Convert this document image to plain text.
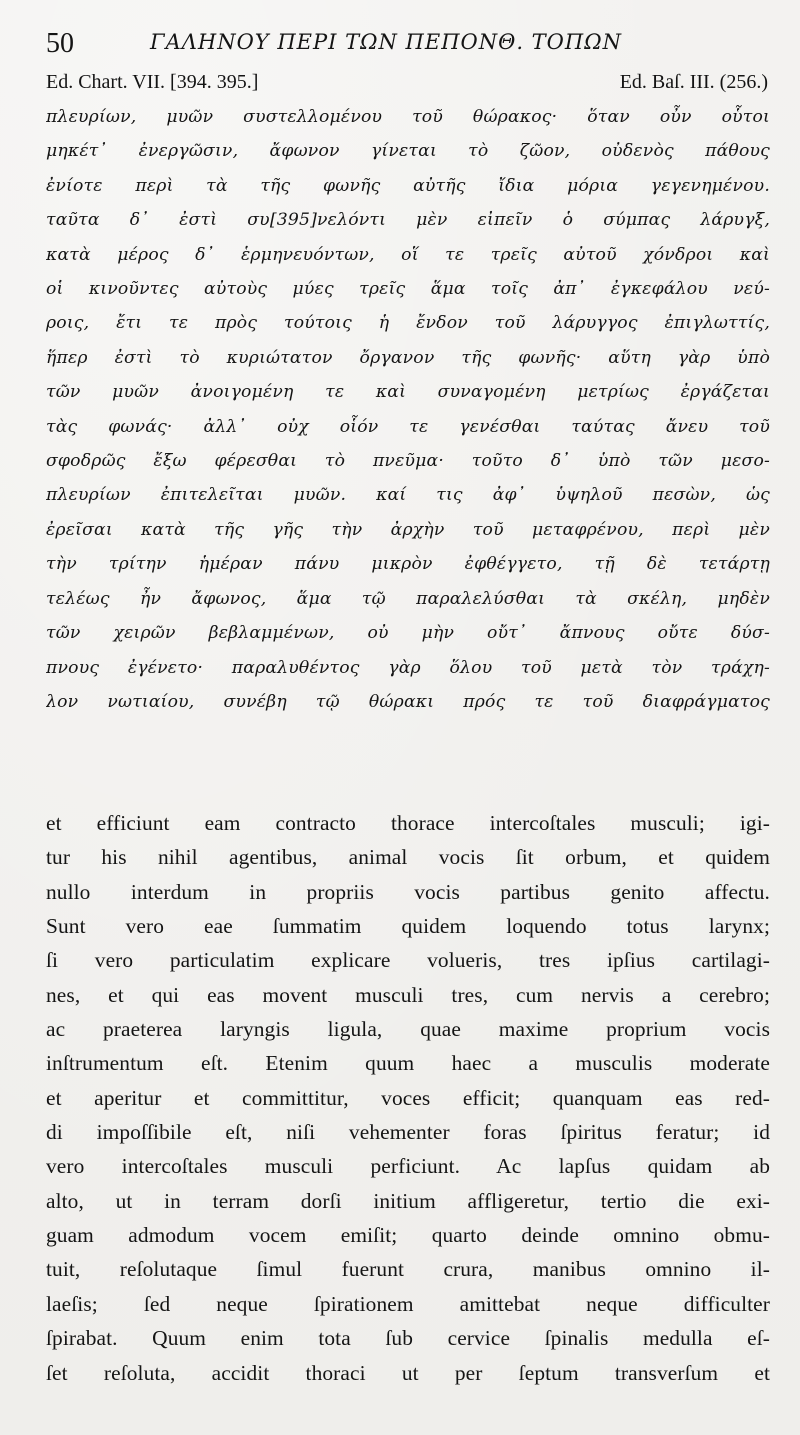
50	ΓΑΛΗΝΟΥ ΠΕΡΙ ΤΩΝ ΠΕΠΟΝΘ. ΤΟΠΩΝ
Ed. Chart. VII. [394. 395.]	Ed. Baſ. III. (256.)
πλευρίων, μυῶν συστελλομένου τοῦ θώρακος· ὅταν οὖν οὗτοι
μηκέτ᾽ ἐνεργῶσιν, ἄφωνον γίνεται τὸ ζῶον, οὐδενὸς πάθους
ἐνίοτε περὶ τὰ τῆς φωνῆς αὐτῆς ἴδια μόρια γεγενημένου.
ταῦτα δ᾽ ἐστὶ συ[395]νελόντι μὲν εἰπεῖν ὁ σύμπας λάρυγξ,
κατὰ μέρος δ᾽ ἑρμηνευόντων, οἵ τε τρεῖς αὐτοῦ χόνδροι καὶ
οἱ κινοῦντες αὐτοὺς μύες τρεῖς ἅμα τοῖς ἀπ᾽ ἐγκεφάλου νεύ-
ροις, ἔτι τε πρὸς τούτοις ἡ ἔνδον τοῦ λάρυγγος ἐπιγλωττίς,
ἥπερ ἐστὶ τὸ κυριώτατον ὄργανον τῆς φωνῆς· αὕτη γὰρ ὑπὸ
τῶν μυῶν ἀνοιγομένη τε καὶ συναγομένη μετρίως ἐργάζεται
τὰς φωνάς· ἀλλ᾽ οὐχ οἷόν τε γενέσθαι ταύτας ἄνευ τοῦ
σφοδρῶς ἔξω φέρεσθαι τὸ πνεῦμα· τοῦτο δ᾽ ὑπὸ τῶν μεσο-
πλευρίων ἐπιτελεῖται μυῶν. καί τις ἀφ᾽ ὑψηλοῦ πεσὼν, ὡς
ἐρεῖσαι κατὰ τῆς γῆς τὴν ἀρχὴν τοῦ μεταφρένου, περὶ μὲν
τὴν τρίτην ἡμέραν πάνυ μικρὸν ἐφθέγγετο, τῇ δὲ τετάρτῃ
τελέως ἦν ἄφωνος, ἅμα τῷ παραλελύσθαι τὰ σκέλη, μηδὲν
τῶν χειρῶν βεβλαμμένων, οὐ μὴν οὔτ᾽ ἄπνους οὔτε δύσ-
πνους ἐγένετο· παραλυθέντος γὰρ ὅλου τοῦ μετὰ τὸν τράχη-
λον νωτιαίου, συνέβη τῷ θώρακι πρός τε τοῦ διαφράγματος
et efficiunt eam contracto thorace intercoſtales musculi; igi-
tur his nihil agentibus, animal vocis ſit orbum, et quidem
nullo interdum in propriis vocis partibus genito affectu.
Sunt vero eae ſummatim quidem loquendo totus larynx;
ſi vero particulatim explicare volueris, tres ipſius cartilagi-
nes, et qui eas movent musculi tres, cum nervis a cerebro;
ac praeterea laryngis ligula, quae maxime proprium vocis
inſtrumentum eſt. Etenim quum haec a musculis moderate
et aperitur et committitur, voces efficit; quanquam eas red-
di impoſſibile eſt, niſi vehementer foras ſpiritus feratur; id
vero intercoſtales musculi perficiunt. Ac lapſus quidam ab
alto, ut in terram dorſi initium affligeretur, tertio die exi-
guam admodum vocem emiſit; quarto deinde omnino obmu-
tuit, reſolutaque ſimul fuerunt crura, manibus omnino il-
laeſis; ſed neque ſpirationem amittebat neque difficulter
ſpirabat. Quum enim tota ſub cervice ſpinalis medulla eſ-
ſet reſoluta, accidit thoraci ut per ſeptum transverſum et
